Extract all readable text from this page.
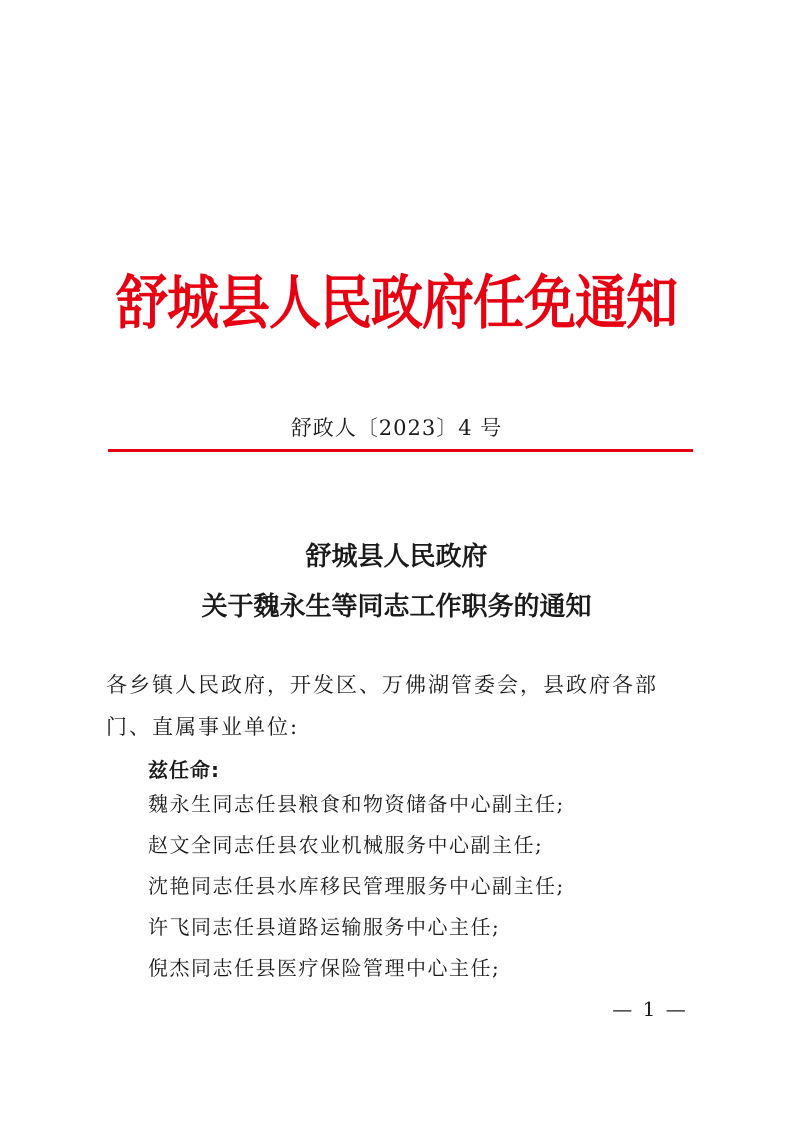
舒城县人民政府任免通知
舒政人〔2023〕4 号
舒城县人民政府
关于魏永生等同志工作职务的通知
各乡镇人民政府，开发区、万佛湖管委会，县政府各部门、直属事业单位:
兹任命:
魏永生同志任县粮食和物资储备中心副主任;
赵文全同志任县农业机械服务中心副主任;
沈艳同志任县水库移民管理服务中心副主任;
许飞同志任县道路运输服务中心主任;
倪杰同志任县医疗保险管理中心主任;
— 1 —
